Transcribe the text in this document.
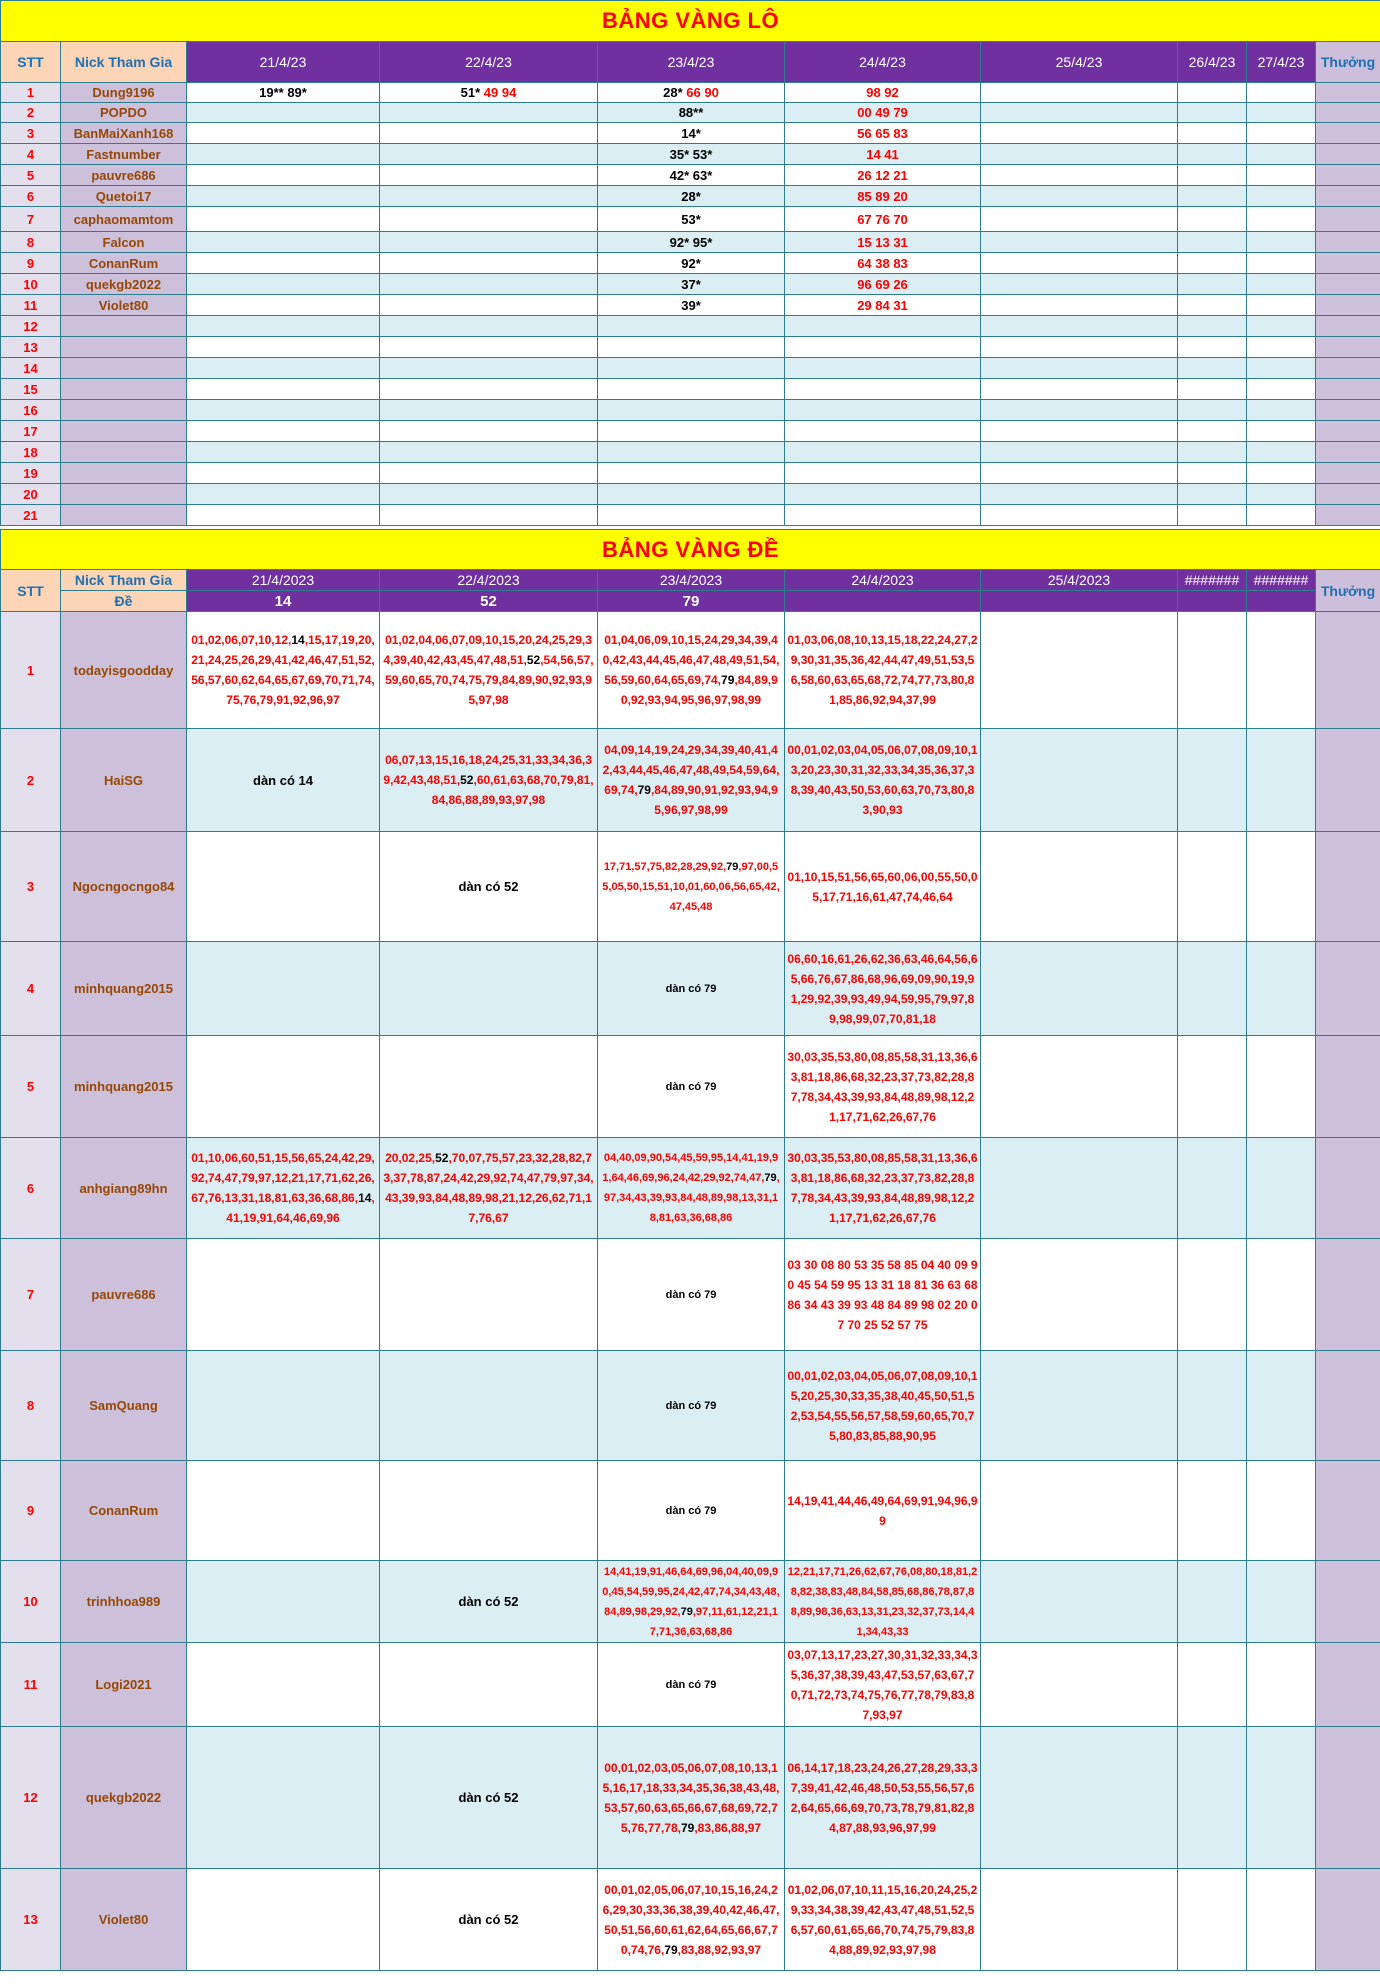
BẢNG VÀNG LÔ									
STT	Nick Tham Gia	21/4/23	22/4/23	23/4/23	24/4/23	25/4/23	26/4/23	27/4/23	Thưởng
1	Dung9196	19** 89*	51* 49 94	28* 66 90	98 92				
2	POPDO			88**	00 49 79				
3	BanMaiXanh168			14*	56 65 83				
4	Fastnumber			35* 53*	14 41				
5	pauvre686			42* 63*	26 12 21				
6	Quetoi17			28*	85 89 20				
7	caphaomamtom			53*	67 76 70				
8	Falcon			92* 95*	15 13 31				
9	ConanRum			92*	64 38 83				
10	quekgb2022			37*	96 69 26				
11	Violet80			39*	29 84 31				
12									
13									
14									
15									
16									
17									
18									
19									
20									
21									
BẢNG VÀNG ĐỀ									
STT	Nick Tham Gia	21/4/2023	22/4/2023	23/4/2023	24/4/2023	25/4/2023	#######	#######	Thưởng
	Đề	14	52	79					
1	todayisgoodday	01,02,06,07,10,12,14,15,17,19,20,21,24,25,26,29,41,42,46,47,51,52,56,57,60,62,64,65,67,69,70,71,74,75,76,79,91,92,96,97	01,02,04,06,07,09,10,15,20,24,25,29,34,39,40,42,43,45,47,48,51,52,54,56,57,59,60,65,70,74,75,79,84,89,90,92,93,95,97,98	01,04,06,09,10,15,24,29,34,39,40,42,43,44,45,46,47,48,49,51,54,56,59,60,64,65,69,74,79,84,89,90,92,93,94,95,96,97,98,99	01,03,06,08,10,13,15,18,22,24,27,29,30,31,35,36,42,44,47,49,51,53,56,58,60,63,65,68,72,74,77,73,80,81,85,86,92,94,37,99				
2	HaiSG	dàn có 14	06,07,13,15,16,18,24,25,31,33,34,36,39,42,43,48,51,52,60,61,63,68,70,79,81,84,86,88,89,93,97,98	04,09,14,19,24,29,34,39,40,41,42,43,44,45,46,47,48,49,54,59,64,69,74,79,84,89,90,91,92,93,94,95,96,97,98,99	00,01,02,03,04,05,06,07,08,09,10,13,20,23,30,31,32,33,34,35,36,37,38,39,40,43,50,53,60,63,70,73,80,83,90,93				
3	Ngocngocngo84		dàn có 52	17,71,57,75,82,28,29,92,79,97,00,55,05,50,15,51,10,01,60,06,56,65,42,47,45,48	01,10,15,51,56,65,60,06,00,55,50,05,17,71,16,61,47,74,46,64				
4	minhquang2015			dàn có 79	06,60,16,61,26,62,36,63,46,64,56,65,66,76,67,86,68,96,69,09,90,19,91,29,92,39,93,49,94,59,95,79,97,89,98,99,07,70,81,18				
5	minhquang2015			dàn có 79	30,03,35,53,80,08,85,58,31,13,36,63,81,18,86,68,32,23,37,73,82,28,87,78,34,43,39,93,84,48,89,98,12,21,17,71,62,26,67,76				
6	anhgiang89hn	01,10,06,60,51,15,56,65,24,42,29,92,74,47,79,97,12,21,17,71,62,26,67,76,13,31,18,81,63,36,68,86,14,41,19,91,64,46,69,96	20,02,25,52,70,07,75,57,23,32,28,82,73,37,78,87,24,42,29,92,74,47,79,97,34,43,39,93,84,48,89,98,21,12,26,62,71,17,76,67	04,40,09,90,54,45,59,95,14,41,19,91,64,46,69,96,24,42,29,92,74,47,79,97,34,43,39,93,84,48,89,98,13,31,18,81,63,36,68,86	30,03,35,53,80,08,85,58,31,13,36,63,81,18,86,68,32,23,37,73,82,28,87,78,34,43,39,93,84,48,89,98,12,21,17,71,62,26,67,76				
7	pauvre686			dàn có 79	03 30 08 80 53 35 58 85 04 40 09 90 45 54 59 95 13 31 18 81 36 63 68 86 34 43 39 93 48 84 89 98 02 20 07 70 25 52 57 75				
8	SamQuang			dàn có 79	00,01,02,03,04,05,06,07,08,09,10,15,20,25,30,33,35,38,40,45,50,51,52,53,54,55,56,57,58,59,60,65,70,75,80,83,85,88,90,95				
9	ConanRum			dàn có 79	14,19,41,44,46,49,64,69,91,94,96,99				
10	trinhhoa989		dàn có 52	14,41,19,91,46,64,69,96,04,40,09,90,45,54,59,95,24,42,47,74,34,43,48,84,89,98,29,92,79,97,11,61,12,21,17,71,36,63,68,86	12,21,17,71,26,62,67,76,08,80,18,81,28,82,38,83,48,84,58,85,68,86,78,87,88,89,98,36,63,13,31,23,32,37,73,14,41,34,43,33				
11	Logi2021			dàn có 79	03,07,13,17,23,27,30,31,32,33,34,35,36,37,38,39,43,47,53,57,63,67,70,71,72,73,74,75,76,77,78,79,83,87,93,97				
12	quekgb2022		dàn có 52	00,01,02,03,05,06,07,08,10,13,15,16,17,18,33,34,35,36,38,43,48,53,57,60,63,65,66,67,68,69,72,75,76,77,78,79,83,86,88,97	06,14,17,18,23,24,26,27,28,29,33,37,39,41,42,46,48,50,53,55,56,57,62,64,65,66,69,70,73,78,79,81,82,84,87,88,93,96,97,99				
13	Violet80		dàn có 52	00,01,02,05,06,07,10,15,16,24,26,29,30,33,36,38,39,40,42,46,47,50,51,56,60,61,62,64,65,66,67,70,74,76,79,83,88,92,93,97	01,02,06,07,10,11,15,16,20,24,25,29,33,34,38,39,42,43,47,48,51,52,56,57,60,61,65,66,70,74,75,79,83,84,88,89,92,93,97,98				
